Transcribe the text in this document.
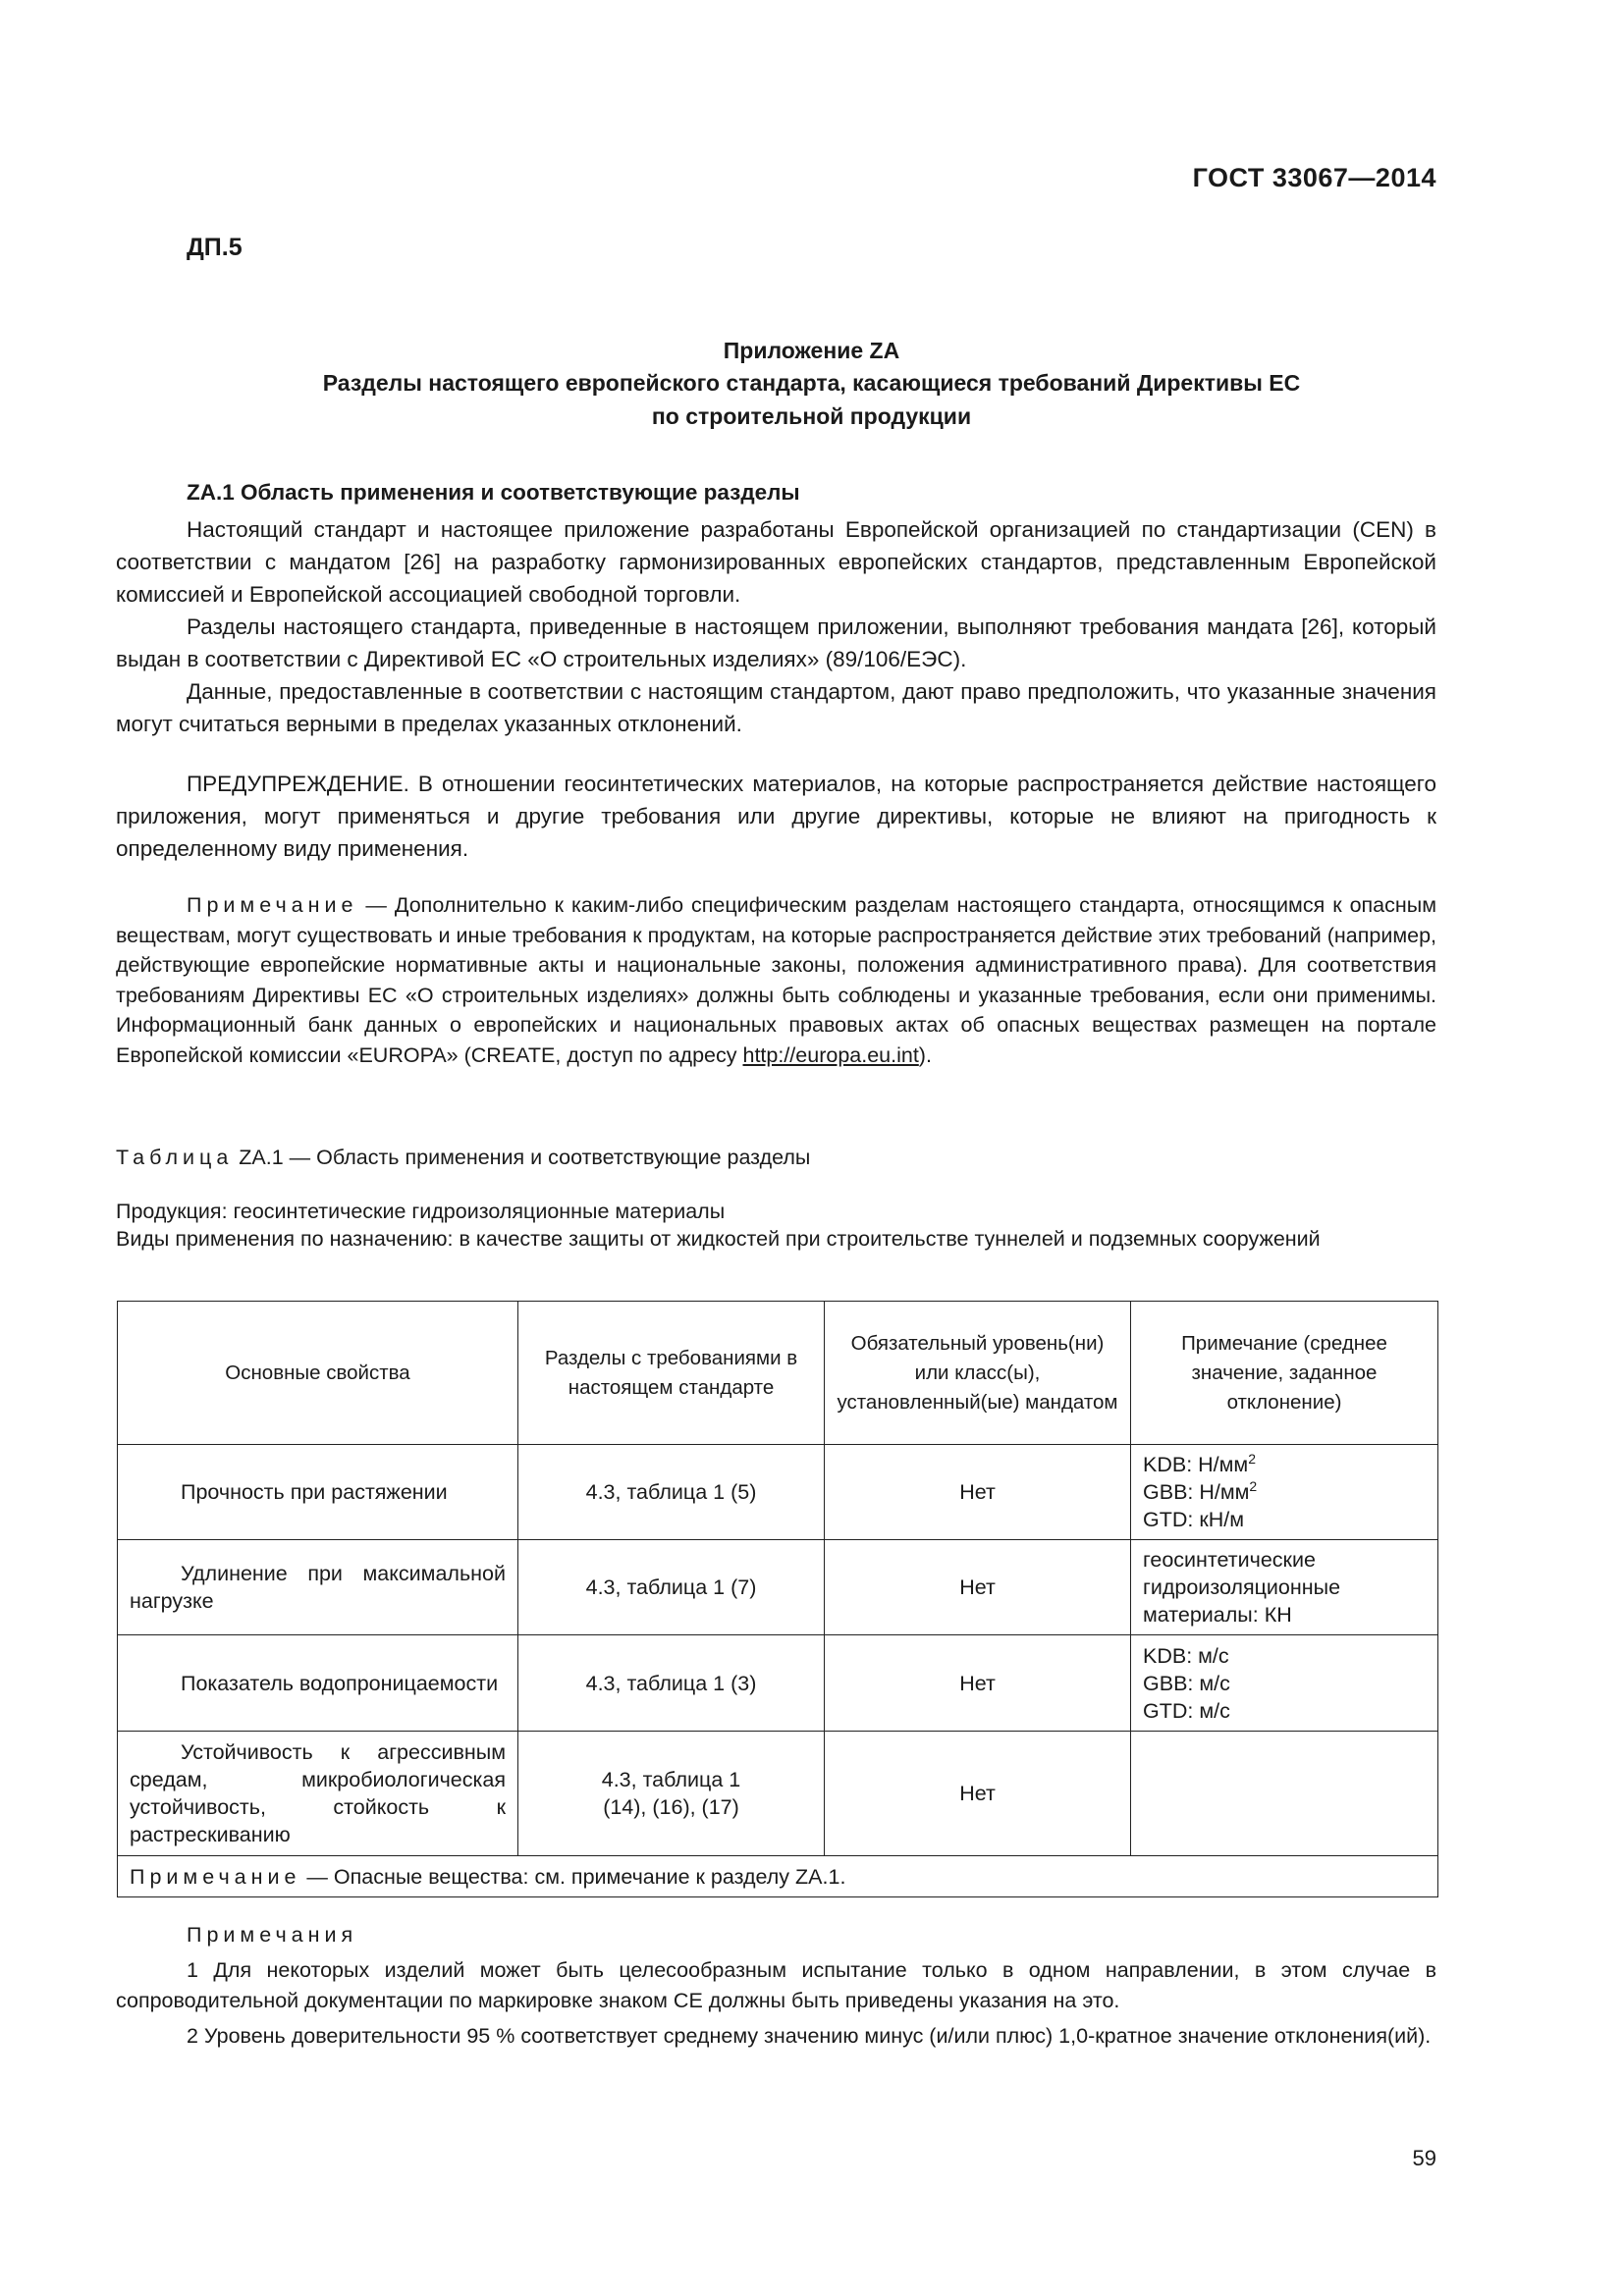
ГОСТ 33067—2014
ДП.5
Приложение ZA
Разделы настоящего европейского стандарта, касающиеся требований Директивы ЕС
по строительной продукции
ZA.1 Область применения и соответствующие разделы

Настоящий стандарт и настоящее приложение разработаны Европейской организацией по стандартизации (CEN) в соответствии с мандатом [26] на разработку гармонизированных европейских стандартов, представленным Европейской комиссией и Европейской ассоциацией свободной торговли.

Разделы настоящего стандарта, приведенные в настоящем приложении, выполняют требования мандата [26], который выдан в соответствии с Директивой ЕС «О строительных изделиях» (89/106/ЕЭС).

Данные, предоставленные в соответствии с настоящим стандартом, дают право предположить, что указанные значения могут считаться верными в пределах указанных отклонений.

ПРЕДУПРЕЖДЕНИЕ. В отношении геосинтетических материалов, на которые распространяется действие настоящего приложения, могут применяться и другие требования или другие директивы, которые не влияют на пригодность к определенному виду применения.

Примечание — Дополнительно к каким-либо специфическим разделам настоящего стандарта, относящимся к опасным веществам, могут существовать и иные требования к продуктам, на которые распространяется действие этих требований (например, действующие европейские нормативные акты и национальные законы, положения административного права). Для соответствия требованиям Директивы ЕС «О строительных изделиях» должны быть соблюдены и указанные требования, если они применимы. Информационный банк данных о европейских и национальных правовых актах об опасных веществах размещен на портале Европейской комиссии «EUROPA» (CREATE, доступ по адресу http://europa.eu.int).

Таблица ZA.1 — Область применения и соответствующие разделы
Продукция: геосинтетические гидроизоляционные материалы
Виды применения по назначению: в качестве защиты от жидкостей при строительстве туннелей и подземных сооружений
Основные свойства	Разделы с требованиями в настоящем стандарте	Обязательный уровень(ни) или класс(ы), установленный(ые) мандатом	Примечание (среднее значение, заданное отклонение)
Прочность при растяжении	4.3, таблица 1 (5)	Нет	KDB: $Н/мм^2$
GBB: $Н/мм^2$
GTD: кН/м

Удлинение при максимальной нагрузке	4.3, таблица 1 (7)	Нет	геосинтетические гидроизоляционные материалы: КН
Показатель водопроницаемости	4.3, таблица 1 (3)	Нет	KDB: м/с
GBB: м/с
GTD: м/с

Устойчивость к агрессивным средам, микробиологическая устойчивость, стойкость к растрескиванию	4.3, таблица 1
(14), (16), (17)	Нет	
Примечание — Опасные вещества: см. примечание к разделу ZA.1.			

Примечания

1 Для некоторых изделий может быть целесообразным испытание только в одном направлении, в этом случае в сопроводительной документации по маркировке знаком СЕ должны быть приведены указания на это.

2 Уровень доверительности 95 % соответствует среднему значению минус (и/или плюс) 1,0-кратное значение отклонения(ий).

59
